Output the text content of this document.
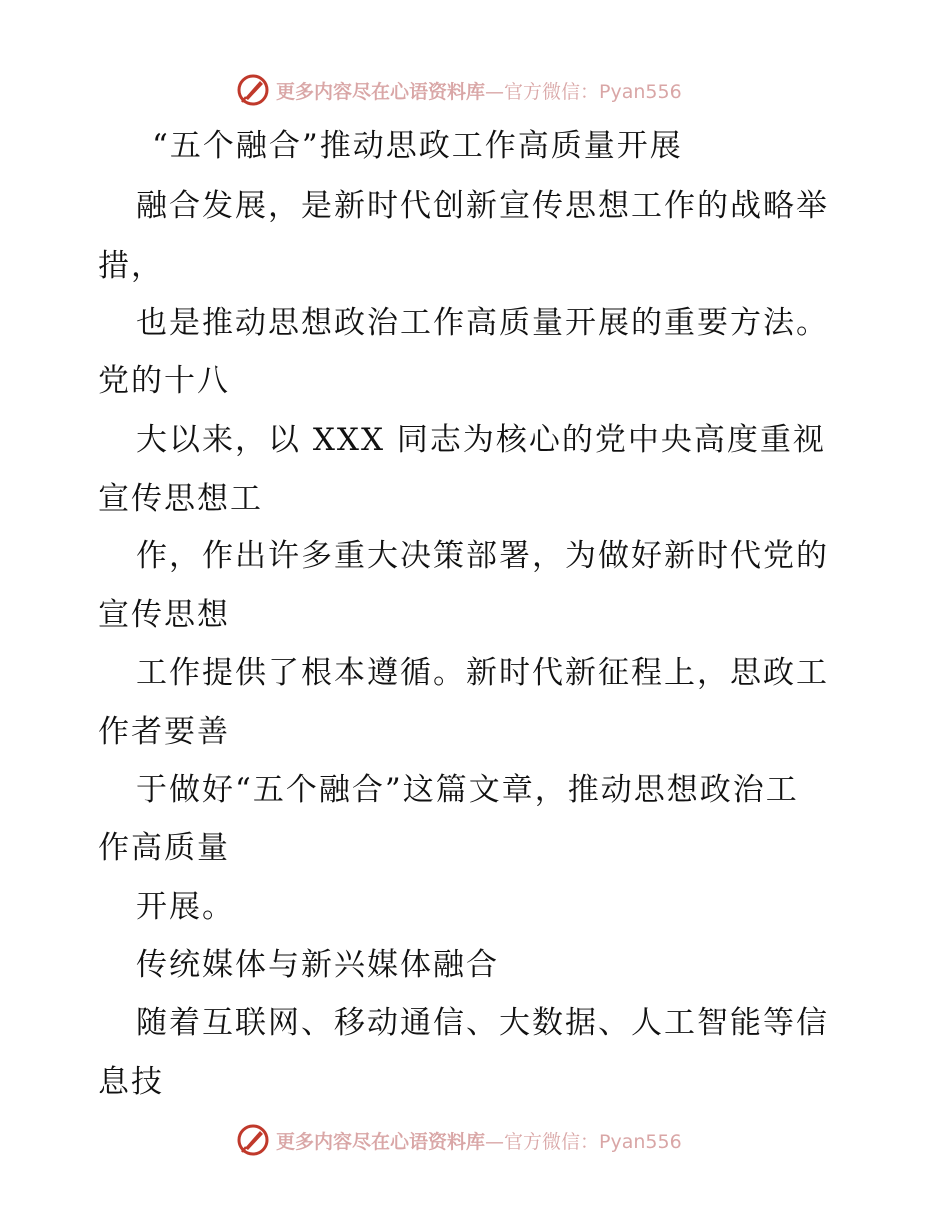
更多内容尽在心语资料库 —官方微信：Pyan556
“五个融合”推动思政工作高质量开展
融合发展，是新时代创新宣传思想工作的战略举
措，
也是推动思想政治工作高质量开展的重要方法。
党的十八
大以来，以 XXX 同志为核心的党中央高度重视
宣传思想工
作，作出许多重大决策部署，为做好新时代党的
宣传思想
工作提供了根本遵循。新时代新征程上，思政工
作者要善
于做好“五个融合”这篇文章，推动思想政治工
作高质量
开展。
传统媒体与新兴媒体融合
随着互联网、移动通信、大数据、人工智能等信
息技
更多内容尽在心语资料库 —官方微信：Pyan556
